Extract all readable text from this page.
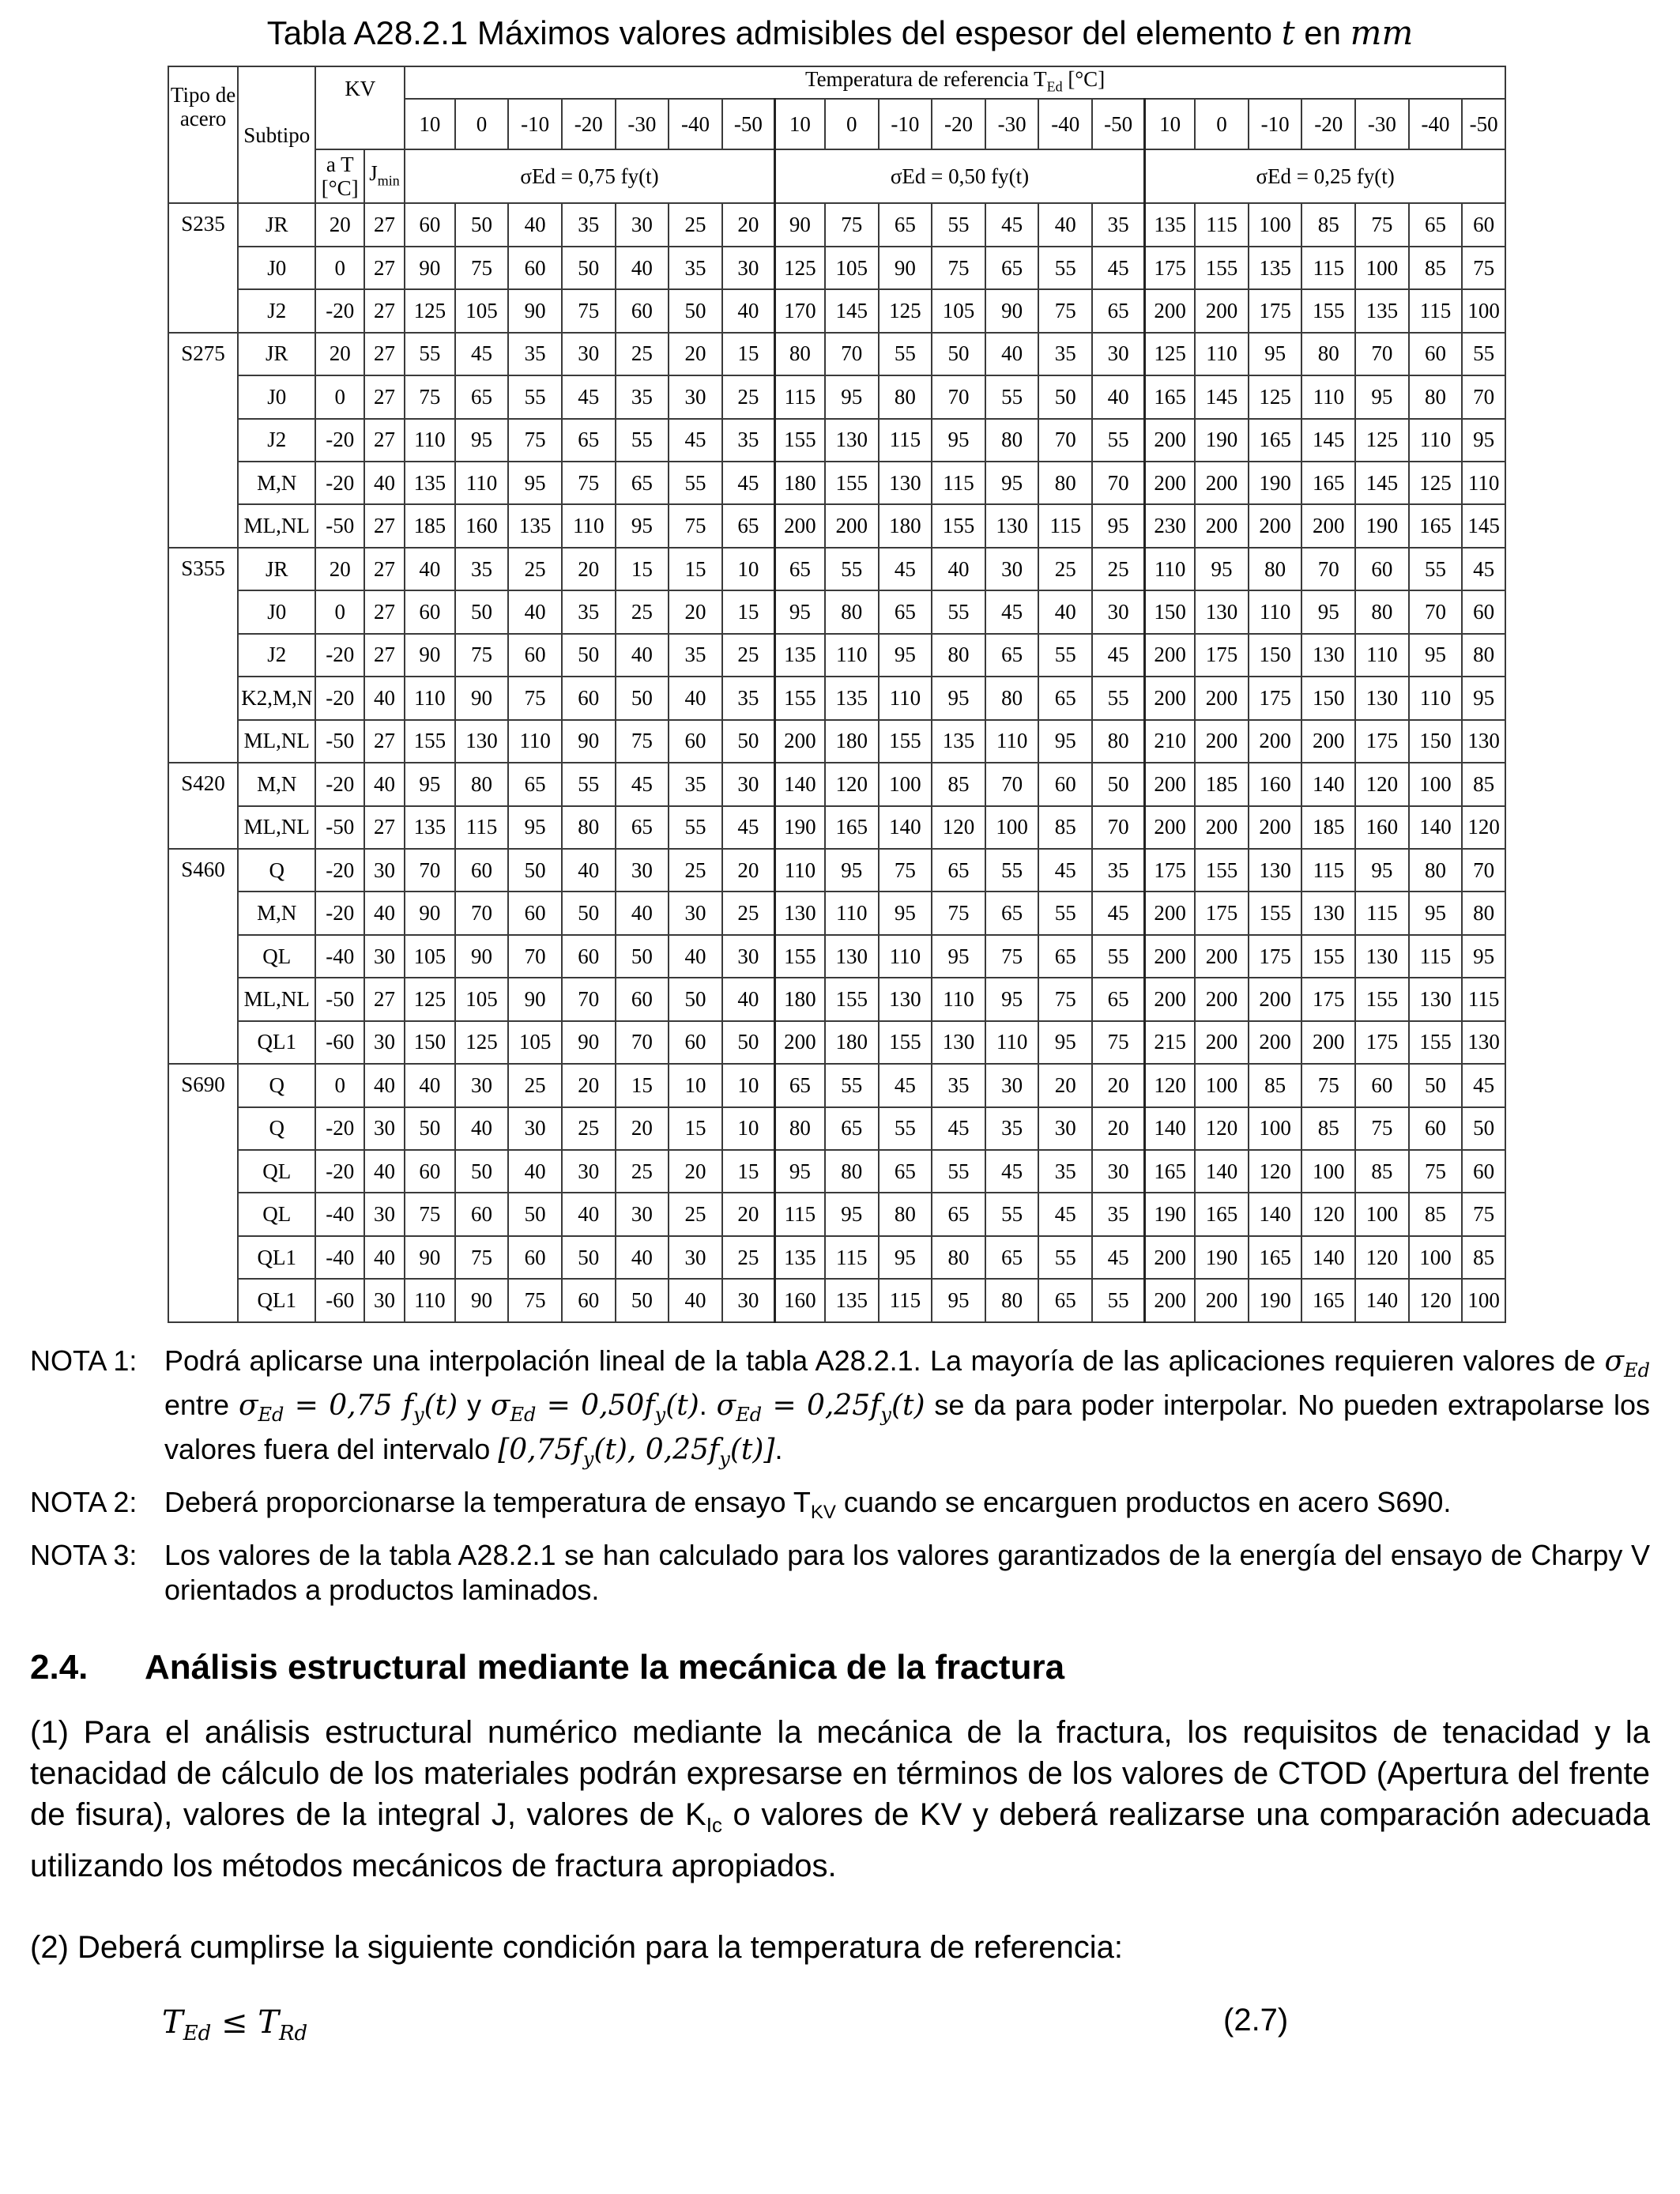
Tabla A28.2.1 Máximos valores admisibles del espesor del elemento t en mm
Tipo de acero	Subtipo	KV		Temperatura de referencia $T_{Ed}$ [°C]																				
				10	0	-10	-20	-30	-40	-50	10	0	-10	-20	-30	-40	-50	10	0	-10	-20	-30	-40	-50
		a T [°C]	$J_{min}$	σEd = 0,75 fy(t)							σEd = 0,50 fy(t)							σEd = 0,25 fy(t)						
S235	JR	20	27	60	50	40	35	30	25	20	90	75	65	55	45	40	35	135	115	100	85	75	65	60
	J0	0	27	90	75	60	50	40	35	30	125	105	90	75	65	55	45	175	155	135	115	100	85	75
	J2	-20	27	125	105	90	75	60	50	40	170	145	125	105	90	75	65	200	200	175	155	135	115	100
S275	JR	20	27	55	45	35	30	25	20	15	80	70	55	50	40	35	30	125	110	95	80	70	60	55
	J0	0	27	75	65	55	45	35	30	25	115	95	80	70	55	50	40	165	145	125	110	95	80	70
	J2	-20	27	110	95	75	65	55	45	35	155	130	115	95	80	70	55	200	190	165	145	125	110	95
	M,N	-20	40	135	110	95	75	65	55	45	180	155	130	115	95	80	70	200	200	190	165	145	125	110
	ML,NL	-50	27	185	160	135	110	95	75	65	200	200	180	155	130	115	95	230	200	200	200	190	165	145
S355	JR	20	27	40	35	25	20	15	15	10	65	55	45	40	30	25	25	110	95	80	70	60	55	45
	J0	0	27	60	50	40	35	25	20	15	95	80	65	55	45	40	30	150	130	110	95	80	70	60
	J2	-20	27	90	75	60	50	40	35	25	135	110	95	80	65	55	45	200	175	150	130	110	95	80
	K2,M,N	-20	40	110	90	75	60	50	40	35	155	135	110	95	80	65	55	200	200	175	150	130	110	95
	ML,NL	-50	27	155	130	110	90	75	60	50	200	180	155	135	110	95	80	210	200	200	200	175	150	130
S420	M,N	-20	40	95	80	65	55	45	35	30	140	120	100	85	70	60	50	200	185	160	140	120	100	85
	ML,NL	-50	27	135	115	95	80	65	55	45	190	165	140	120	100	85	70	200	200	200	185	160	140	120
S460	Q	-20	30	70	60	50	40	30	25	20	110	95	75	65	55	45	35	175	155	130	115	95	80	70
	M,N	-20	40	90	70	60	50	40	30	25	130	110	95	75	65	55	45	200	175	155	130	115	95	80
	QL	-40	30	105	90	70	60	50	40	30	155	130	110	95	75	65	55	200	200	175	155	130	115	95
	ML,NL	-50	27	125	105	90	70	60	50	40	180	155	130	110	95	75	65	200	200	200	175	155	130	115
	QL1	-60	30	150	125	105	90	70	60	50	200	180	155	130	110	95	75	215	200	200	200	175	155	130
S690	Q	0	40	40	30	25	20	15	10	10	65	55	45	35	30	20	20	120	100	85	75	60	50	45
	Q	-20	30	50	40	30	25	20	15	10	80	65	55	45	35	30	20	140	120	100	85	75	60	50
	QL	-20	40	60	50	40	30	25	20	15	95	80	65	55	45	35	30	165	140	120	100	85	75	60
	QL	-40	30	75	60	50	40	30	25	20	115	95	80	65	55	45	35	190	165	140	120	100	85	75
	QL1	-40	40	90	75	60	50	40	30	25	135	115	95	80	65	55	45	200	190	165	140	120	100	85
	QL1	-60	30	110	90	75	60	50	40	30	160	135	115	95	80	65	55	200	200	190	165	140	120	100
NOTA 1: Podrá aplicarse una interpolación lineal de la tabla A28.2.1. La mayoría de las aplicaciones requieren valores de $\sigma_{Ed}$ entre $\sigma_{Ed} = 0,75$ $f_y(t)$ y $\sigma_{Ed} = 0,50f_y(t)$. $\sigma_{Ed} = 0,25f_y(t)$ se da para poder interpolar. No pueden extrapolarse los valores fuera del intervalo [$0,75f_y(t)$, $0,25f_y(t)$].
NOTA 2: Deberá proporcionarse la temperatura de ensayo $T_{KV}$ cuando se encarguen productos en acero S690.
NOTA 3: Los valores de la tabla A28.2.1 se han calculado para los valores garantizados de la energía del ensayo de Charpy V orientados a productos laminados.
2.4.	Análisis estructural mediante la mecánica de la fractura
(1) Para el análisis estructural numérico mediante la mecánica de la fractura, los requisitos de tenacidad y la tenacidad de cálculo de los materiales podrán expresarse en términos de los valores de CTOD (Apertura del frente de fisura), valores de la integral J, valores de $K_{Ic}$ o valores de KV y deberá realizarse una comparación adecuada utilizando los métodos mecánicos de fractura apropiados.
(2) Deberá cumplirse la siguiente condición para la temperatura de referencia:
$T_{Ed} \le T_{Rd}$	(2.7)
